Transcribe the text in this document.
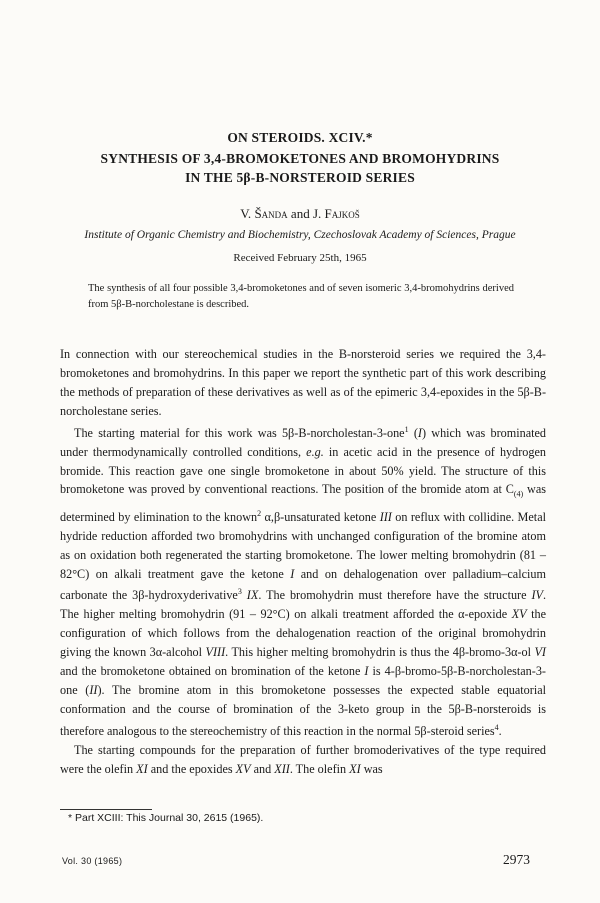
ON STEROIDS. XCIV.*
SYNTHESIS OF 3,4-BROMOKETONES AND BROMOHYDRINS
IN THE 5β-B-NORSTEROID SERIES
V. Šanda and J. Fajkoš
Institute of Organic Chemistry and Biochemistry, Czechoslovak Academy of Sciences, Prague
Received February 25th, 1965
The synthesis of all four possible 3,4-bromoketones and of seven isomeric 3,4-bromohydrins derived from 5β-B-norcholestane is described.

In connection with our stereochemical studies in the B-norsteroid series we required the 3,4-bromoketones and bromohydrins. In this paper we report the synthetic part of this work describing the methods of preparation of these derivatives as well as of the epimeric 3,4-epoxides in the 5β-B-norcholestane series.

The starting material for this work was 5β-B-norcholestan-3-one$^1$ (I) which was brominated under thermodynamically controlled conditions, e.g. in acetic acid in the presence of hydrogen bromide. This reaction gave one single bromoketone in about 50% yield. The structure of this bromoketone was proved by conventional reactions. The position of the bromide atom at $C_{(4)}$ was determined by elimination to the known$^2$ α,β-unsaturated ketone III on reflux with collidine. Metal hydride reduction afforded two bromohydrins with unchanged configuration of the bromine atom as on oxidation both regenerated the starting bromoketone. The lower melting bromohydrin (81 – 82°C) on alkali treatment gave the ketone I and on dehalogenation over palladium–calcium carbonate the 3β-hydroxyderivative$^3$ IX. The bromohydrin must therefore have the structure IV. The higher melting bromohydrin (91 – 92°C) on alkali treatment afforded the α-epoxide XV the configuration of which follows from the dehalogenation reaction of the original bromohydrin giving the known 3α-alcohol VIII. This higher melting bromohydrin is thus the 4β-bromo-3α-ol VI and the bromoketone obtained on bromination of the ketone I is 4-β-bromo-5β-B-norcholestan-3-one (II). The bromine atom in this bromoketone possesses the expected stable equatorial conformation and the course of bromination of the 3-keto group in the 5β-B-norsteroids is therefore analogous to the stereochemistry of this reaction in the normal 5β-steroid series$^4$.

The starting compounds for the preparation of further bromoderivatives of the type required were the olefin XI and the epoxides XV and XII. The olefin XI was

* Part XCIII: This Journal 30, 2615 (1965).
Vol. 30 (1965)	2973
